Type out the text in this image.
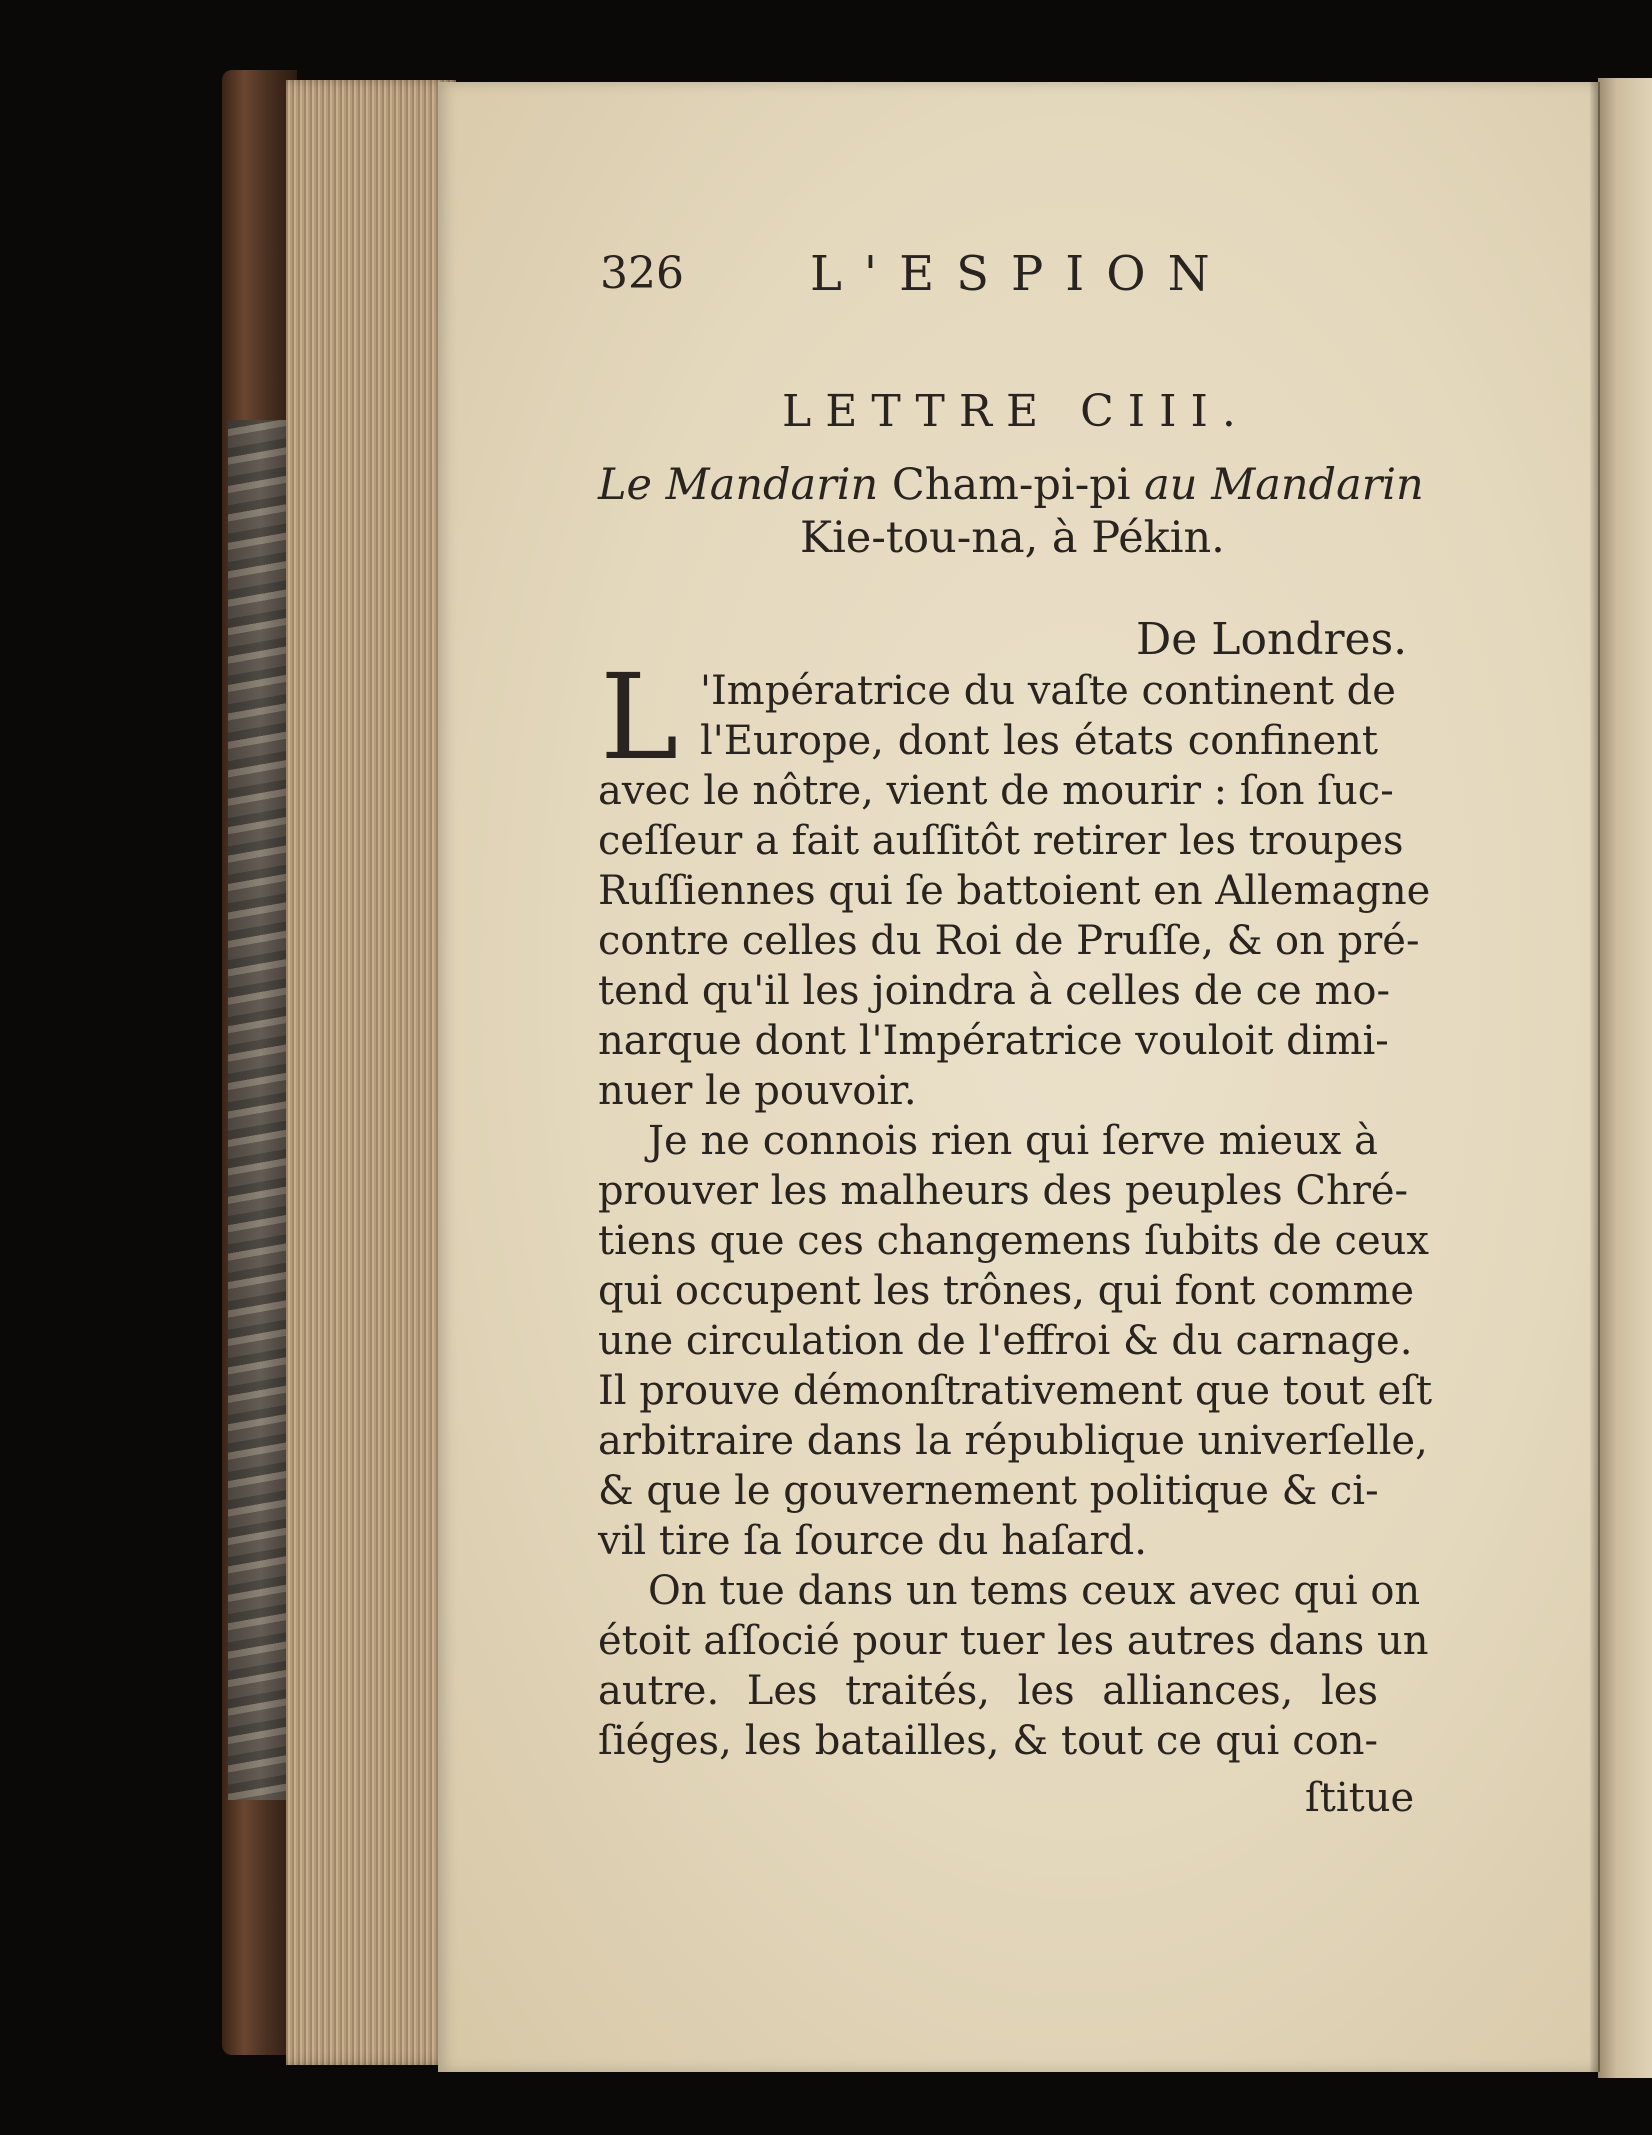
326	L'ESPION
LETTRE CIII.
Le Mandarin Cham-pi-pi au Mandarin
Kie-tou-na, à Pékin.
De Londres.
L 'Impératrice du vaſte continent de
l'Europe, dont les états confinent
avec le nôtre, vient de mourir : ſon ſuc-
ceſſeur a fait auſſitôt retirer les troupes
Ruſſiennes qui ſe battoient en Allemagne
contre celles du Roi de Pruſſe, & on pré-
tend qu'il les joindra à celles de ce mo-
narque dont l'Impératrice vouloit dimi-
nuer le pouvoir.
Je ne connois rien qui ſerve mieux à
prouver les malheurs des peuples Chré-
tiens que ces changemens ſubits de ceux
qui occupent les trônes, qui font comme
une circulation de l'effroi & du carnage.
Il prouve démonſtrativement que tout eſt
arbitraire dans la république univerſelle,
& que le gouvernement politique & ci-
vil tire ſa ſource du haſard.
On tue dans un tems ceux avec qui on
étoit aſſocié pour tuer les autres dans un
autre. Les traités, les alliances, les
ſiéges, les batailles, & tout ce qui con-
ſtitue
